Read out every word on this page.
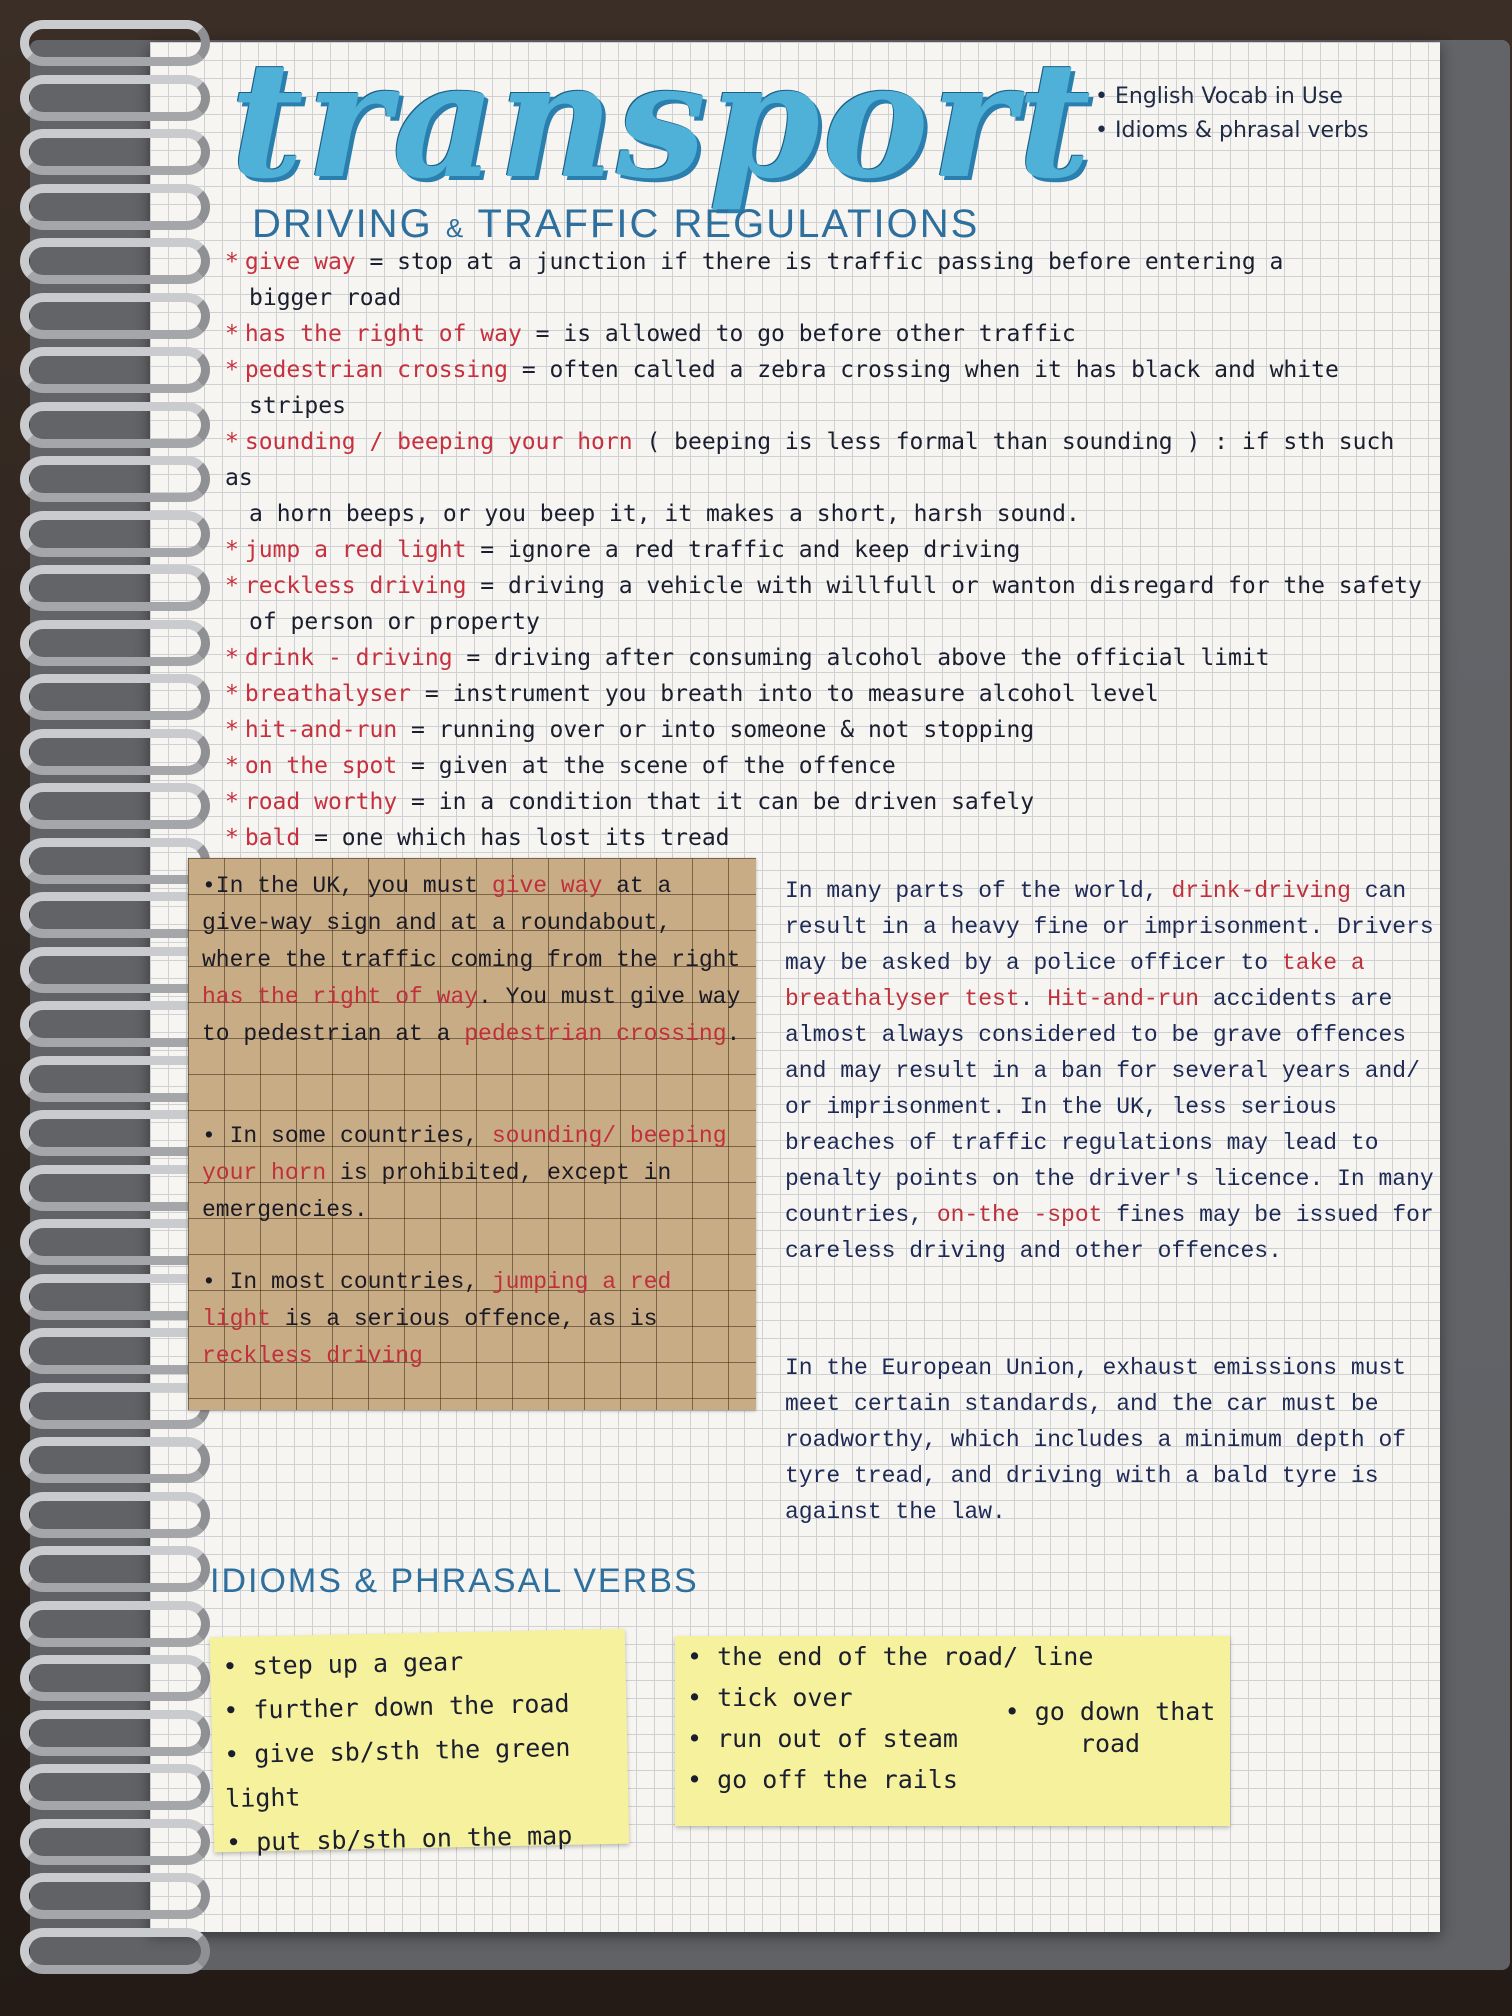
transport
• English Vocab in Use
• Idioms & phrasal verbs
DRIVING & TRAFFIC REGULATIONS
* give way = stop at a junction if there is traffic passing before entering a
bigger road
* has the right of way = is allowed to go before other traffic
* pedestrian crossing = often called a zebra crossing when it has black and white
stripes
* sounding / beeping your horn ( beeping is less formal than sounding ) : if sth such as
a horn beeps, or you beep it, it makes a short, harsh sound.
* jump a red light = ignore a red traffic and keep driving
* reckless driving = driving a vehicle with willfull or wanton disregard for the safety
of person or property
* drink - driving = driving after consuming alcohol above the official limit
* breathalyser = instrument you breath into to measure alcohol level
* hit-and-run = running over or into someone & not stopping
* on the spot = given at the scene of the offence
* road worthy = in a condition that it can be driven safely
* bald = one which has lost its tread

•In the UK, you must give way at a give-way sign and at a roundabout, where the traffic coming from the right has the right of way. You must give way to pedestrian at a pedestrian crossing.

• In some countries, sounding/ beeping your horn is prohibited, except in emergencies.

• In most countries, jumping a red light is a serious offence, as is reckless driving

In many parts of the world, drink-driving can result in a heavy fine or imprisonment. Drivers may be asked by a police officer to take a breathalyser test. Hit-and-run accidents are almost always considered to be grave offences and may result in a ban for several years and/ or imprisonment. In the UK, less serious breaches of traffic regulations may lead to penalty points on the driver's licence. In many countries, on-the -spot fines may be issued for careless driving and other offences.

In the European Union, exhaust emissions must meet certain standards, and the car must be roadworthy, which includes a minimum depth of tyre tread, and driving with a bald tyre is against the law.

IDIOMS & PHRASAL VERBS
• step up a gear
• further down the road
• give sb/sth the green light
• put sb/sth on the map
• the end of the road/ line
• tick over
• run out of steam
• go off the rails
• go down that road
